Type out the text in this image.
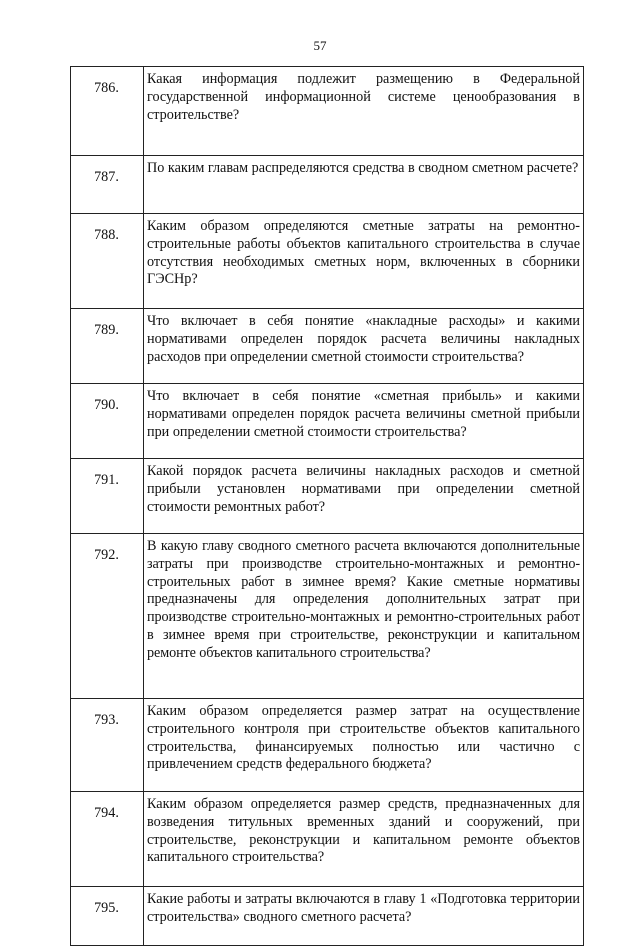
57
786.	Какая информация подлежит размещению в Федеральной государственной информационной системе ценообразования в строительстве?
787.	По каким главам распределяются средства в сводном сметном расчете?
788.	Каким образом определяются сметные затраты на ремонтно-строительные работы объектов капитального строительства в случае отсутствия необходимых сметных норм, включенных в сборники ГЭСНр?
789.	Что включает в себя понятие «накладные расходы» и какими нормативами определен порядок расчета величины накладных расходов при определении сметной стоимости строительства?
790.	Что включает в себя понятие «сметная прибыль» и какими нормативами определен порядок расчета величины сметной прибыли при определении сметной стоимости строительства?
791.	Какой порядок расчета величины накладных расходов и сметной прибыли установлен нормативами при определении сметной стоимости ремонтных работ?
792.	В какую главу сводного сметного расчета включаются дополнительные затраты при производстве строительно-монтажных и ремонтно-строительных работ в зимнее время? Какие сметные нормативы предназначены для определения дополнительных затрат при производстве строительно-монтажных и ремонтно-строительных работ в зимнее время при строительстве, реконструкции и капитальном ремонте объектов капитального строительства?
793.	Каким образом определяется размер затрат на осуществление строительного контроля при строительстве объектов капитального строительства, финансируемых полностью или частично с привлечением средств федерального бюджета?
794.	Каким образом определяется размер средств, предназначенных для возведения титульных временных зданий и сооружений, при строительстве, реконструкции и капитальном ремонте объектов капитального строительства?
795.	Какие работы и затраты включаются в главу 1 «Подготовка территории строительства» сводного сметного расчета?
